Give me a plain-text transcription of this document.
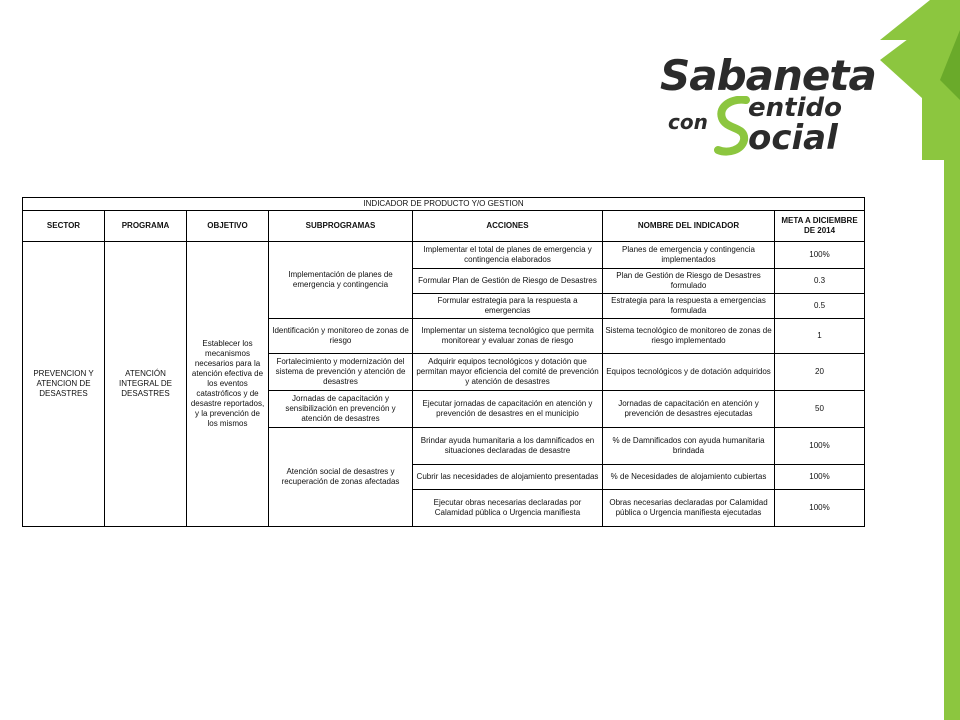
Sabaneta
con entido
ocial
INDICADOR DE PRODUCTO Y/O GESTION						
SECTOR	PROGRAMA	OBJETIVO	SUBPROGRAMAS	ACCIONES	NOMBRE DEL INDICADOR	META A DICIEMBRE DE 2014
PREVENCION Y ATENCION DE DESASTRES	ATENCIÓN INTEGRAL DE DESASTRES	Establecer los mecanismos necesarios para la atención efectiva de los eventos catastróficos y de desastre reportados, y la prevención de los mismos	Implementación de planes de emergencia y contingencia	Implementar el total de planes de emergencia y contingencia elaborados	Planes de emergencia y contingencia implementados	100%
				Formular Plan de Gestión de Riesgo de Desastres	Plan de Gestión de Riesgo de Desastres formulado	0.3
				Formular estrategia para la respuesta a emergencias	Estrategia para la respuesta a emergencias formulada	0.5
			Identificación y monitoreo de zonas de riesgo	Implementar un sistema tecnológico que permita monitorear y evaluar zonas de riesgo	Sistema tecnológico de monitoreo de zonas de riesgo implementado	1
			Fortalecimiento y modernización del sistema de prevención y atención de desastres	Adquirir equipos tecnológicos y dotación que permitan mayor eficiencia del comité de prevención y atención de desastres	Equipos tecnológicos y de dotación adquiridos	20
			Jornadas de capacitación y sensibilización en prevención y atención de desastres	Ejecutar jornadas de capacitación en atención y prevención de desastres en el municipio	Jornadas de capacitación en atención y prevención de desastres ejecutadas	50
			Atención social de desastres y recuperación de zonas afectadas	Brindar ayuda humanitaria a los damnificados en situaciones declaradas de desastre	% de Damnificados con ayuda humanitaria brindada	100%
				Cubrir las necesidades de alojamiento presentadas	% de Necesidades de alojamiento cubiertas	100%
				Ejecutar obras necesarias declaradas por Calamidad pública o Urgencia manifiesta	Obras necesarias declaradas por Calamidad pública o Urgencia manifiesta ejecutadas	100%
